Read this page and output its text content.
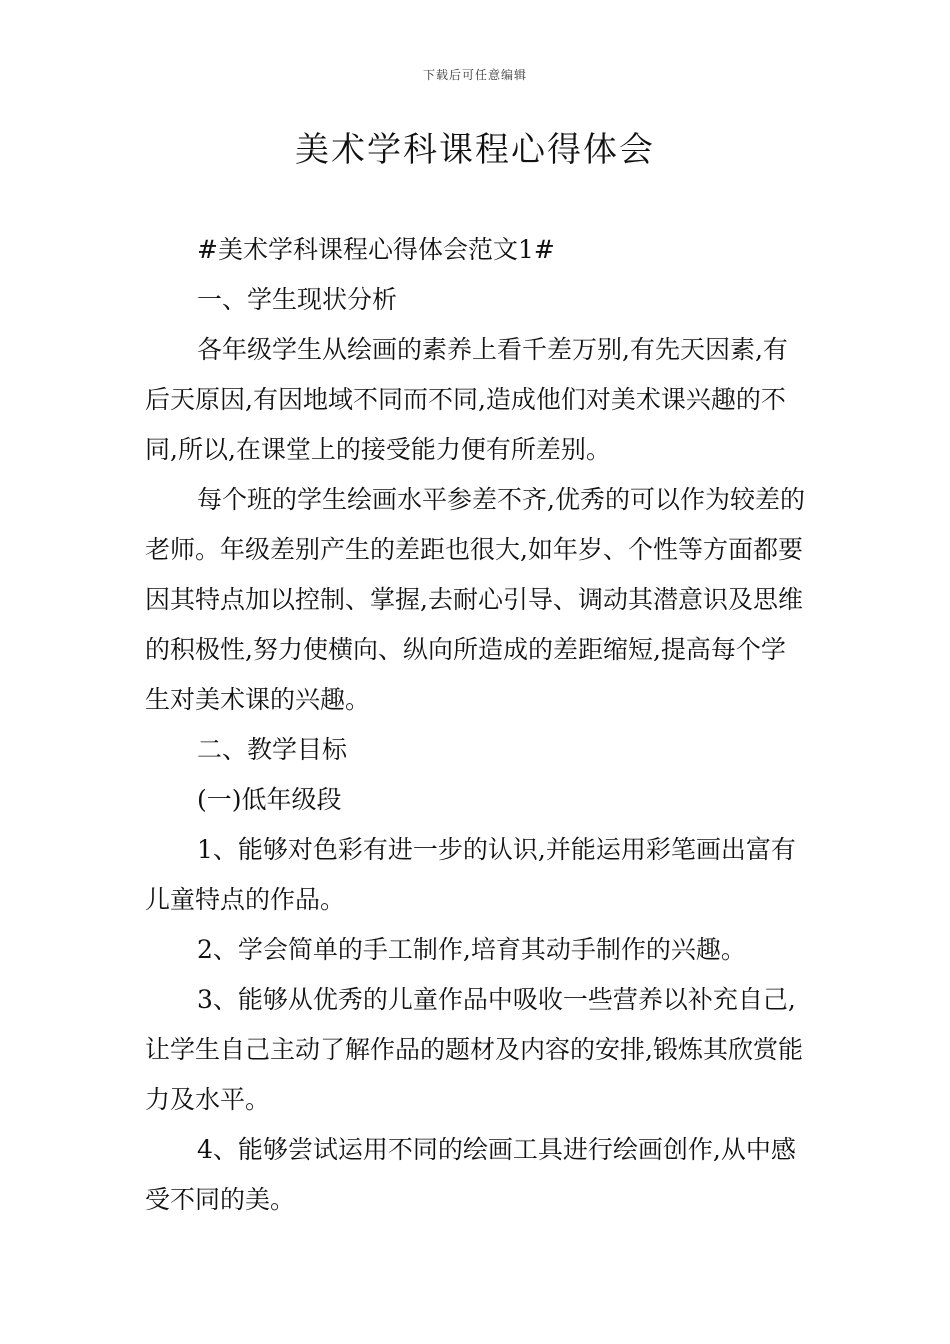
下载后可任意编辑
美术学科课程心得体会

#美术学科课程心得体会范文1#

一、学生现状分析

各年级学生从绘画的素养上看千差万别,有先天因素,有后天原因,有因地域不同而不同,造成他们对美术课兴趣的不同,所以,在课堂上的接受能力便有所差别。

每个班的学生绘画水平参差不齐,优秀的可以作为较差的老师。年级差别产生的差距也很大,如年岁、个性等方面都要因其特点加以控制、掌握,去耐心引导、调动其潜意识及思维的积极性,努力使横向、纵向所造成的差距缩短,提高每个学生对美术课的兴趣。

二、教学目标

(一)低年级段

1、能够对色彩有进一步的认识,并能运用彩笔画出富有儿童特点的作品。

2、学会简单的手工制作,培育其动手制作的兴趣。

3、能够从优秀的儿童作品中吸收一些营养以补充自己,让学生自己主动了解作品的题材及内容的安排,锻炼其欣赏能力及水平。

4、能够尝试运用不同的绘画工具进行绘画创作,从中感受不同的美。
